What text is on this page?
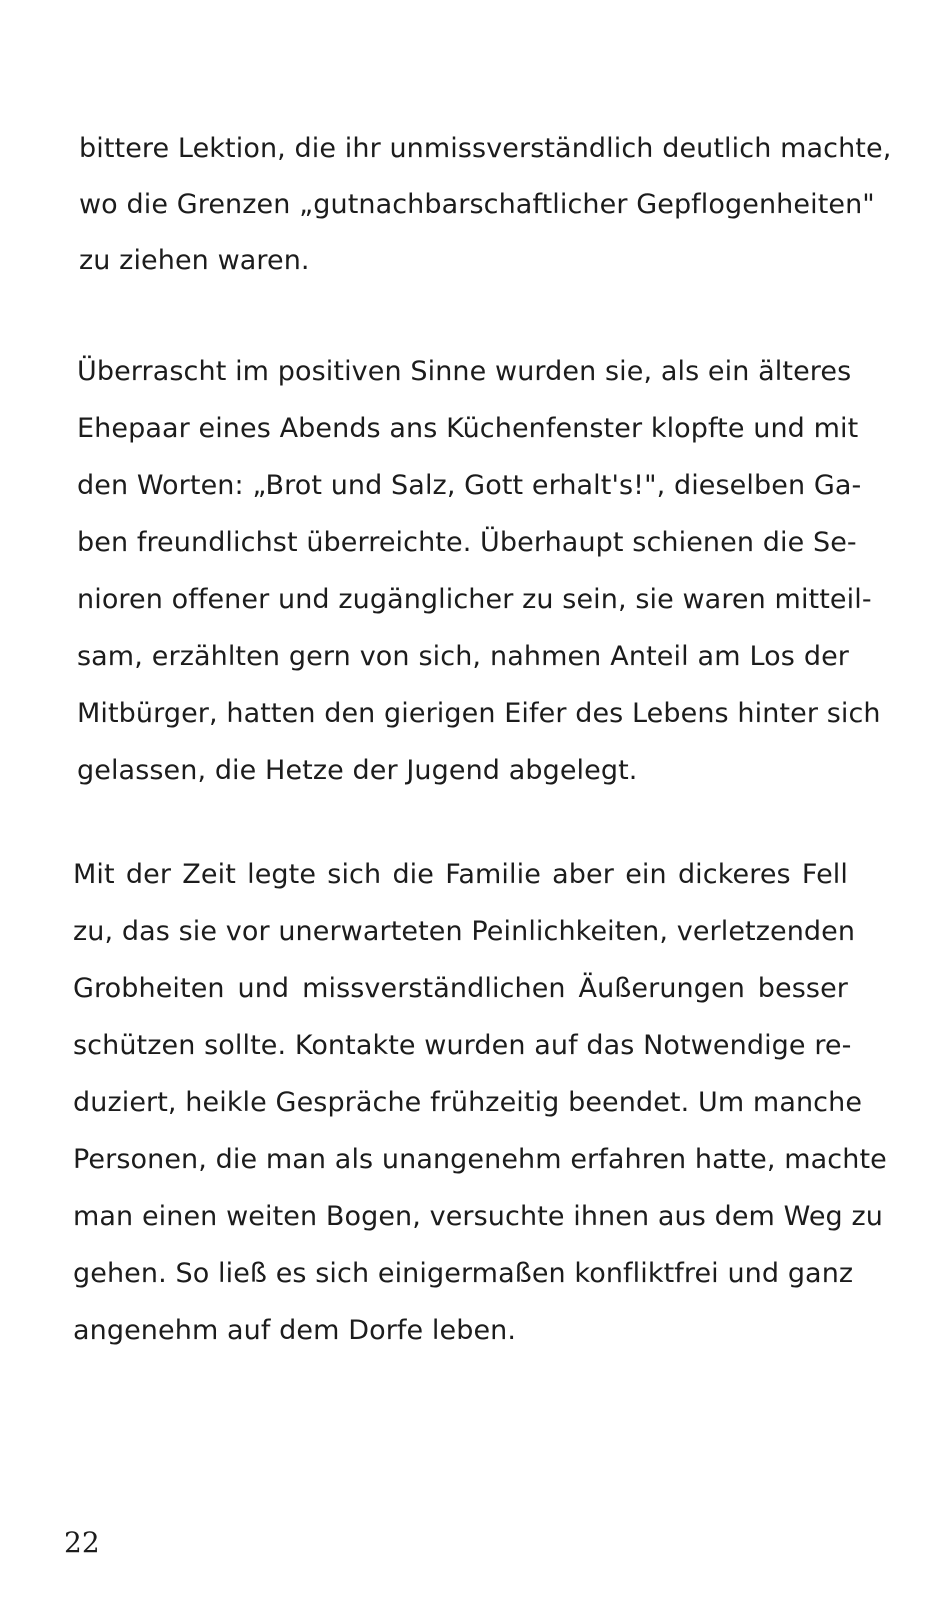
bittere Lektion, die ihr unmissverständlich deutlich machte,
wo die Grenzen „gutnachbarschaftlicher Gepflogenheiten"
zu ziehen waren.
Überrascht im positiven Sinne wurden sie, als ein älteres
Ehepaar eines Abends ans Küchenfenster klopfte und mit
den Worten: „Brot und Salz, Gott erhalt's!", dieselben Ga-
ben freundlichst überreichte. Überhaupt schienen die Se-
nioren offener und zugänglicher zu sein, sie waren mitteil-
sam, erzählten gern von sich, nahmen Anteil am Los der
Mitbürger, hatten den gierigen Eifer des Lebens hinter sich
gelassen, die Hetze der Jugend abgelegt.
Mit der Zeit legte sich die Familie aber ein dickeres Fell
zu, das sie vor unerwarteten Peinlichkeiten, verletzenden
Grobheiten und missverständlichen Äußerungen besser
schützen sollte. Kontakte wurden auf das Notwendige re-
duziert, heikle Gespräche frühzeitig beendet. Um manche
Personen, die man als unangenehm erfahren hatte, machte
man einen weiten Bogen, versuchte ihnen aus dem Weg zu
gehen. So ließ es sich einigermaßen konfliktfrei und ganz
angenehm auf dem Dorfe leben.
22
